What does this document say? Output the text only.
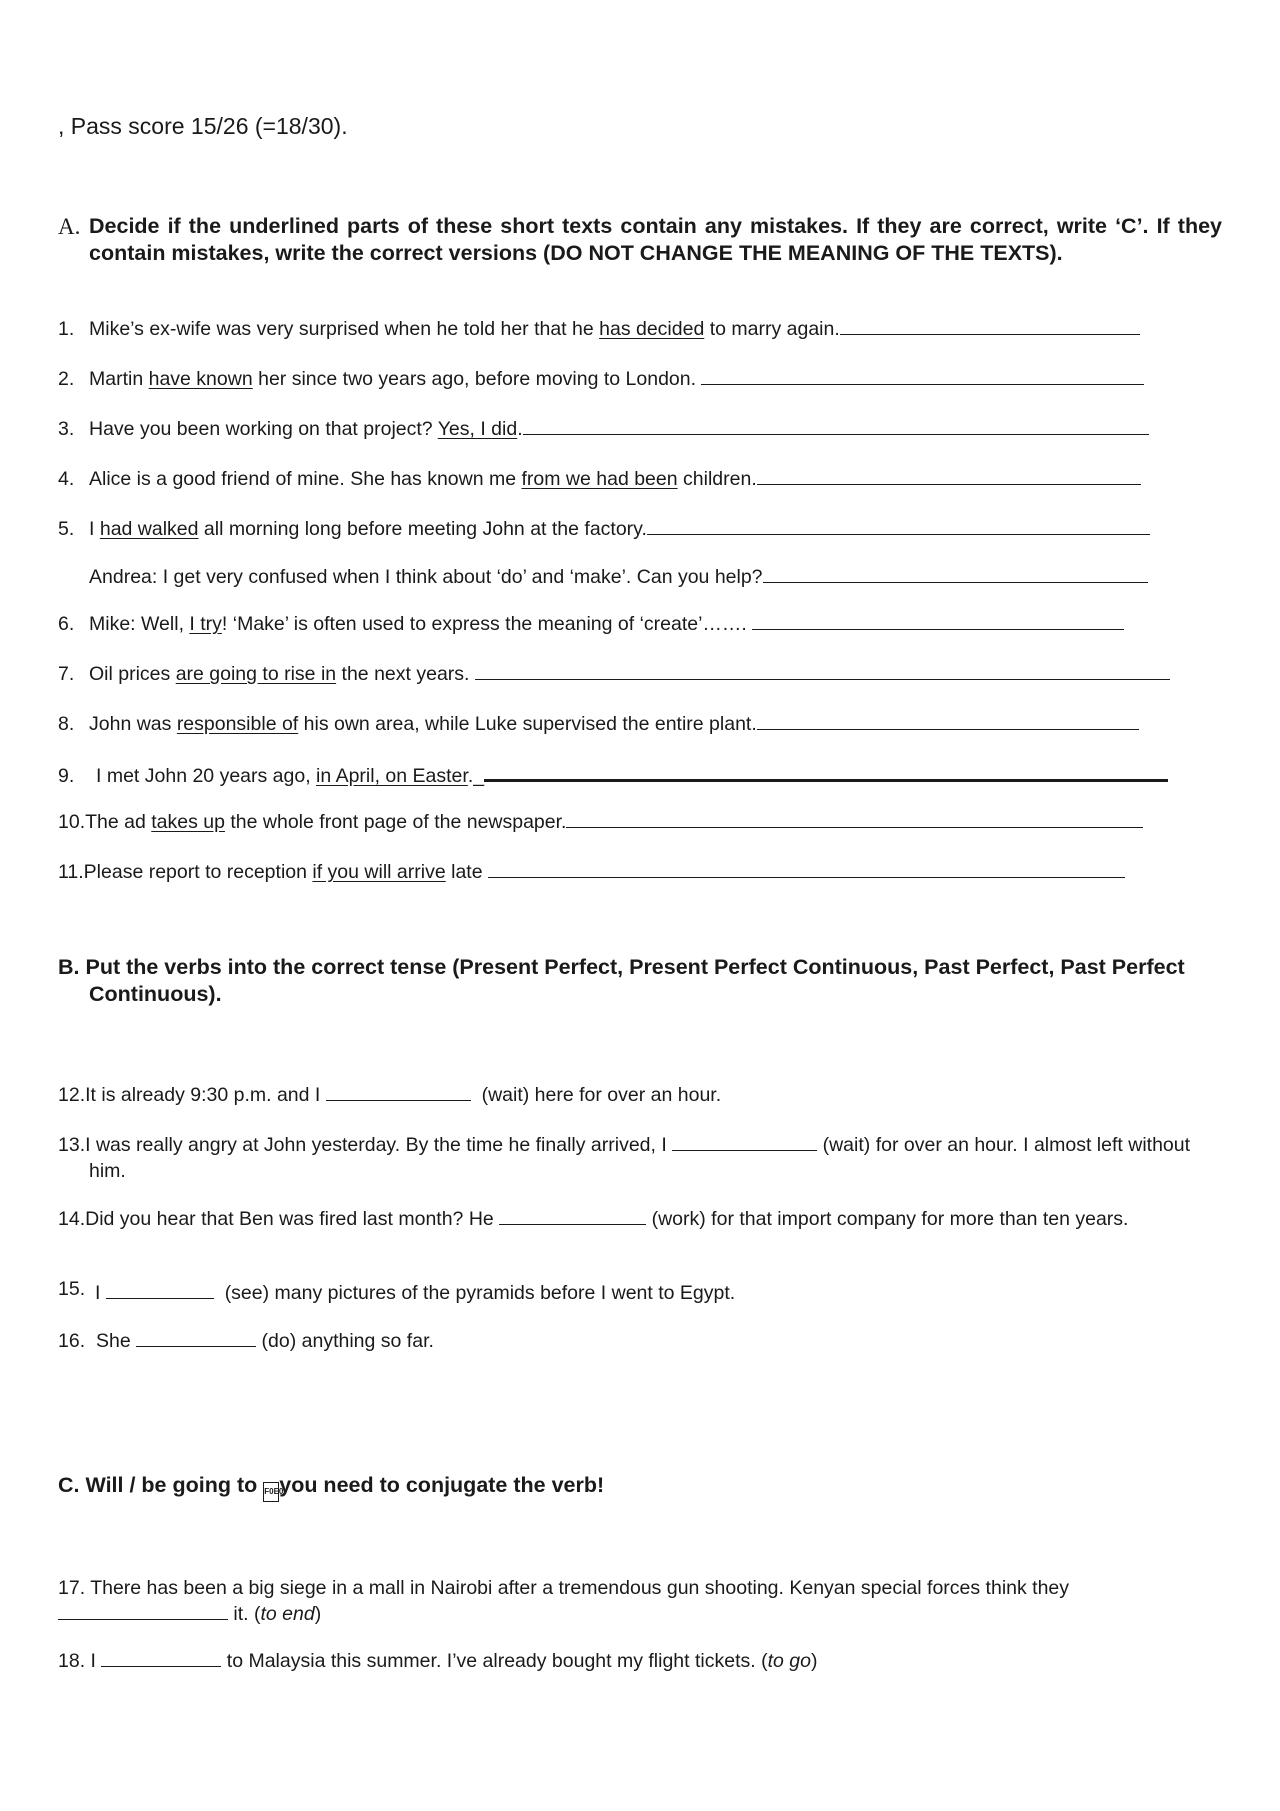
, Pass score 15/26 (=18/30).
A. Decide if the underlined parts of these short texts contain any mistakes. If they are correct, write ‘C’. If they contain mistakes, write the correct versions (DO NOT CHANGE THE MEANING OF THE TEXTS).
1. Mike’s ex-wife was very surprised when he told her that he has decided to marry again.
2. Martin have known her since two years ago, before moving to London.
3. Have you been working on that project? Yes, I did.
4. Alice is a good friend of mine. She has known me from we had been children.
5. I had walked all morning long before meeting John at the factory.
Andrea: I get very confused when I think about ‘do’ and ‘make’. Can you help?
6. Mike: Well, I try! ‘Make’ is often used to express the meaning of ‘create’…….
7. Oil prices are going to rise in the next years.
8. John was responsible of his own area, while Luke supervised the entire plant.
9. I met John 20 years ago, in April, on Easter._
10.The ad takes up the whole front page of the newspaper.
11.Please report to reception if you will arrive late
B. Put the verbs into the correct tense (Present Perfect, Present Perfect Continuous, Past Perfect, Past Perfect Continuous).
12.It is already 9:30 p.m. and I	(wait) here for over an hour.
13.I was really angry at John yesterday. By the time he finally arrived, I	(wait) for over an hour. I almost left without him.
14.Did you hear that Ben was fired last month? He	(work) for that import company for more than ten years.
15. I	(see) many pictures of the pyramids before I went to Egypt.
16. She	(do) anything so far.
C. Will / be going to F0E0you need to conjugate the verb!
17. There has been a big siege in a mall in Nairobi after a tremendous gun shooting. Kenyan special forces think they  it. (to end)
18. I	to Malaysia this summer. I’ve already bought my flight tickets. (to go)
